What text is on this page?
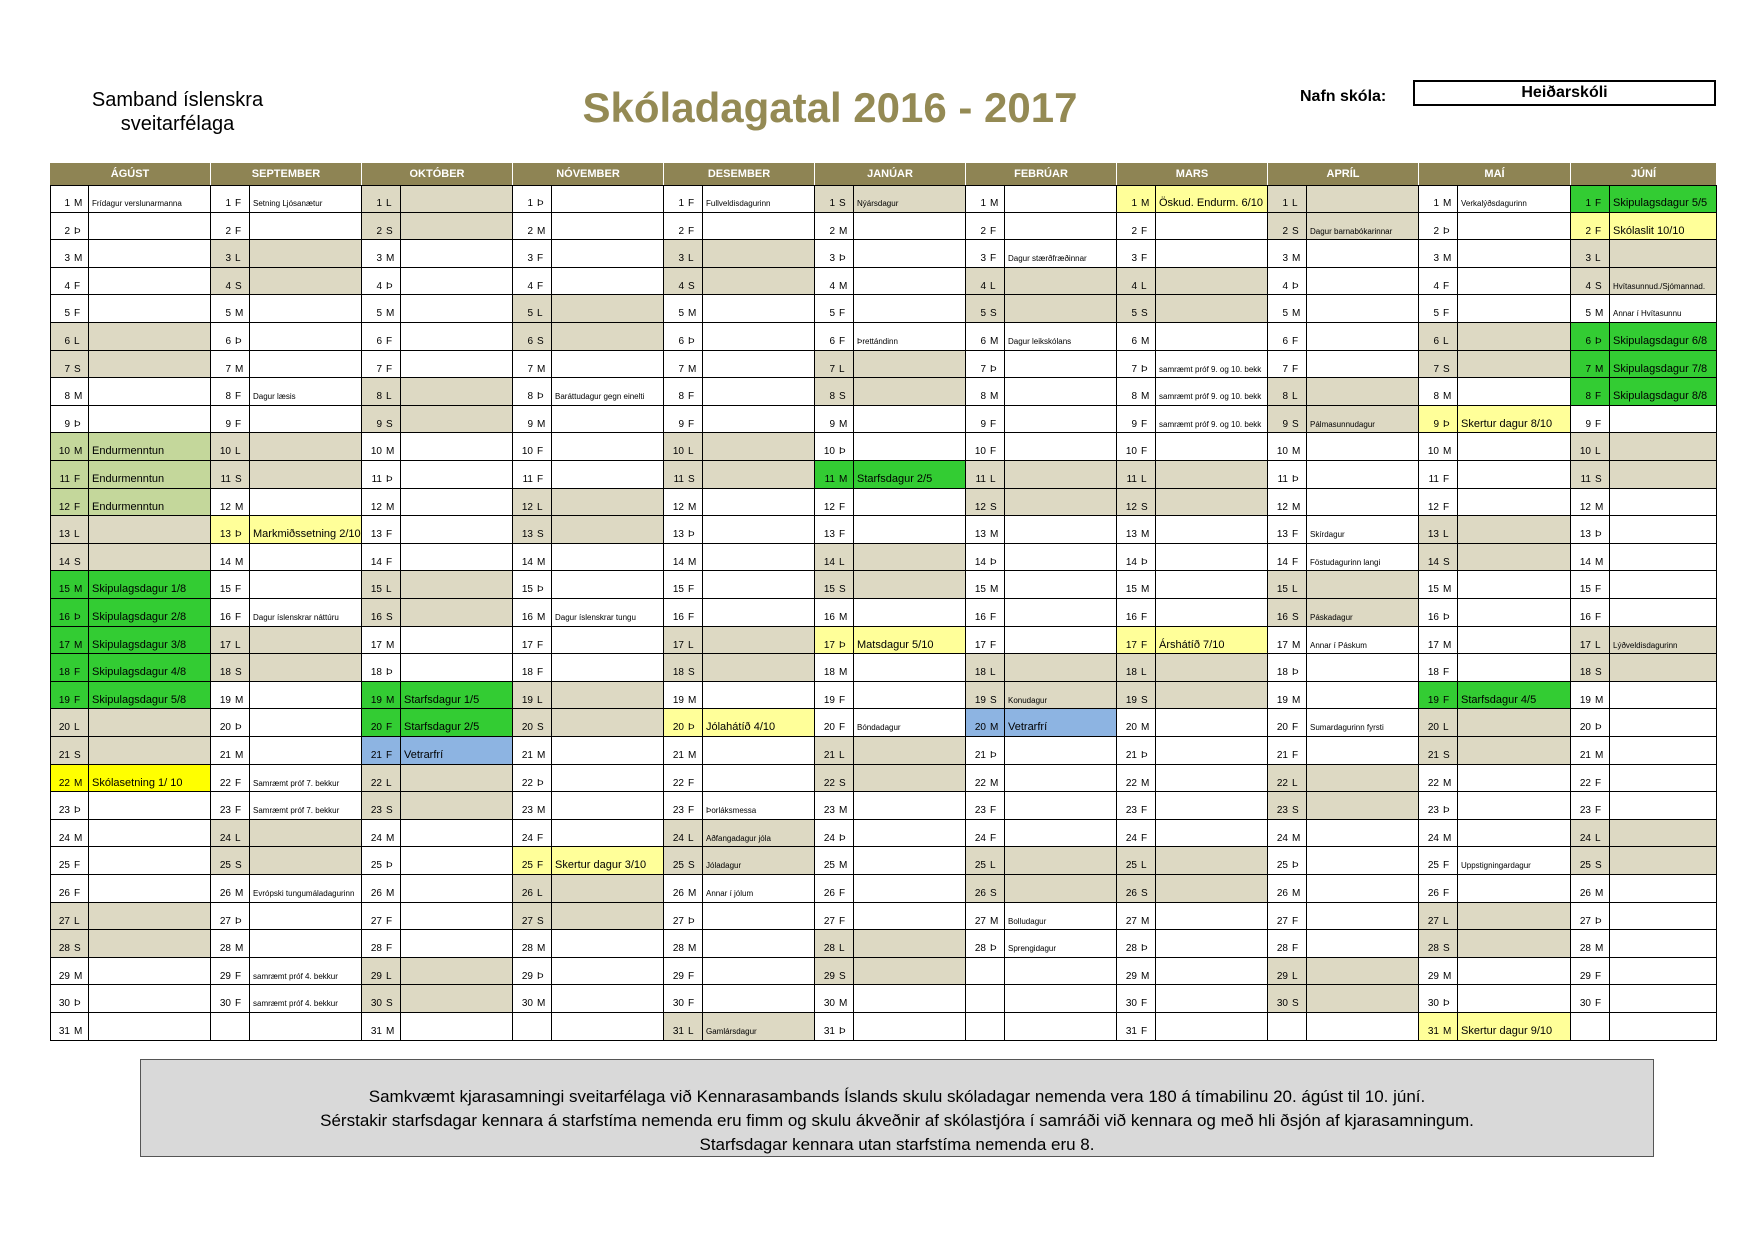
Samband íslenskra
sveitarfélaga	Skóladagatal 2016 - 2017	Nafn skóla:	Heiðarskóli
ÁGÚST
1 M Frídagur verslunarmanna
2 Þ
3 M
4 F
5 F
6 L
7 S
8 M
9 Þ
10 M Endurmenntun
11 F Endurmenntun
12 F Endurmenntun
13 L
14 S
15 M Skipulagsdagur 1/8
16 Þ Skipulagsdagur 2/8
17 M Skipulagsdagur 3/8
18 F Skipulagsdagur 4/8
19 F Skipulagsdagur 5/8
20 L
21 S
22 M Skólasetning 1/ 10
23 Þ
24 M
25 F
26 F
27 L
28 S
29 M
30 Þ
31 M
SEPTEMBER
1 F Setning Ljósanætur
2 F
3 L
4 S
5 M
6 Þ
7 M
8 F Dagur læsis
9 F
10 L
11 S
12 M
13 Þ Markmiðssetning 2/10
14 M
15 F
16 F Dagur íslenskrar náttúru
17 L
18 S
19 M
20 Þ
21 M
22 F Samræmt próf 7. bekkur
23 F Samræmt próf 7. bekkur
24 L
25 S
26 M Evrópski tungumáladagurinn
27 Þ
28 M
29 F samræmt próf 4. bekkur
30 F samræmt próf 4. bekkur
OKTÓBER
1 L
2 S
3 M
4 Þ
5 M
6 F
7 F
8 L
9 S
10 M
11 Þ
12 M
13 F
14 F
15 L
16 S
17 M
18 Þ
19 M Starfsdagur 1/5
20 F Starfsdagur 2/5
21 F Vetrarfrí
22 L
23 S
24 M
25 Þ
26 M
27 F
28 F
29 L
30 S
31 M
NÓVEMBER
1 Þ
2 M
3 F
4 F
5 L
6 S
7 M
8 Þ Baráttudagur gegn einelti
9 M
10 F
11 F
12 L
13 S
14 M
15 Þ
16 M Dagur íslenskrar tungu
17 F
18 F
19 L
20 S
21 M
22 Þ
23 M
24 F
25 F Skertur dagur 3/10
26 L
27 S
28 M
29 Þ
30 M
DESEMBER
1 F Fullveldisdagurinn
2 F
3 L
4 S
5 M
6 Þ
7 M
8 F
9 F
10 L
11 S
12 M
13 Þ
14 M
15 F
16 F
17 L
18 S
19 M
20 Þ Jólahátíð 4/10
21 M
22 F
23 F Þorláksmessa
24 L Aðfangadagur jóla
25 S Jóladagur
26 M Annar í jólum
27 Þ
28 M
29 F
30 F
31 L Gamlársdagur
JANÚAR
1 S Nýársdagur
2 M
3 Þ
4 M
5 F
6 F Þrettándinn
7 L
8 S
9 M
10 Þ
11 M Starfsdagur 2/5
12 F
13 F
14 L
15 S
16 M
17 Þ Matsdagur 5/10
18 M
19 F
20 F Bóndadagur
21 L
22 S
23 M
24 Þ
25 M
26 F
27 F
28 L
29 S
30 M
31 Þ
FEBRÚAR
1 M
2 F
3 F Dagur stærðfræðinnar
4 L
5 S
6 M Dagur leikskólans
7 Þ
8 M
9 F
10 F
11 L
12 S
13 M
14 Þ
15 M
16 F
17 F
18 L
19 S Konudagur
20 M Vetrarfrí
21 Þ
22 M
23 F
24 F
25 L
26 S
27 M Bolludagur
28 Þ Sprengidagur
MARS
1 M Öskud. Endurm. 6/10
2 F
3 F
4 L
5 S
6 M
7 Þ samræmt próf 9. og 10. bekk
8 M samræmt próf 9. og 10. bekk
9 F samræmt próf 9. og 10. bekk
10 F
11 L
12 S
13 M
14 Þ
15 M
16 F
17 F Árshátíð 7/10
18 L
19 S
20 M
21 Þ
22 M
23 F
24 F
25 L
26 S
27 M
28 Þ
29 M
30 F
31 F
APRÍL
1 L
2 S Dagur barnabókarinnar
3 M
4 Þ
5 M
6 F
7 F
8 L
9 S Pálmasunnudagur
10 M
11 Þ
12 M
13 F Skírdagur
14 F Föstudagurinn langi
15 L
16 S Páskadagur
17 M Annar í Páskum
18 Þ
19 M
20 F Sumardagurinn fyrsti
21 F
22 L
23 S
24 M
25 Þ
26 M
27 F
28 F
29 L
30 S
MAÍ
1 M Verkalýðsdagurinn
2 Þ
3 M
4 F
5 F
6 L
7 S
8 M
9 Þ Skertur dagur 8/10
10 M
11 F
12 F
13 L
14 S
15 M
16 Þ
17 M
18 F
19 F Starfsdagur 4/5
20 L
21 S
22 M
23 Þ
24 M
25 F Uppstigningardagur
26 F
27 L
28 S
29 M
30 Þ
31 M Skertur dagur 9/10
JÚNÍ
1 F Skipulagsdagur 5/5
2 F Skólaslit 10/10
3 L
4 S Hvítasunnud./Sjómannad.
5 M Annar í Hvítasunnu
6 Þ Skipulagsdagur 6/8
7 M Skipulagsdagur 7/8
8 F Skipulagsdagur 8/8
9 F
10 L
11 S
12 M
13 Þ
14 M
15 F
16 F
17 L Lýðveldisdagurinn
18 S
19 M
20 Þ
21 M
22 F
23 F
24 L
25 S
26 M
27 Þ
28 M
29 F
30 F
Samkvæmt kjarasamningi sveitarfélaga við Kennarasambands Íslands skulu skóladagar nemenda vera 180 á tímabilinu 20. ágúst til 10. júní.
Sérstakir starfsdagar kennara á starfstíma nemenda eru fimm og skulu ákveðnir af skólastjóra í samráði við kennara og með hli ðsjón af kjarasamningum.
Starfsdagar kennara utan starfstíma nemenda eru 8.
